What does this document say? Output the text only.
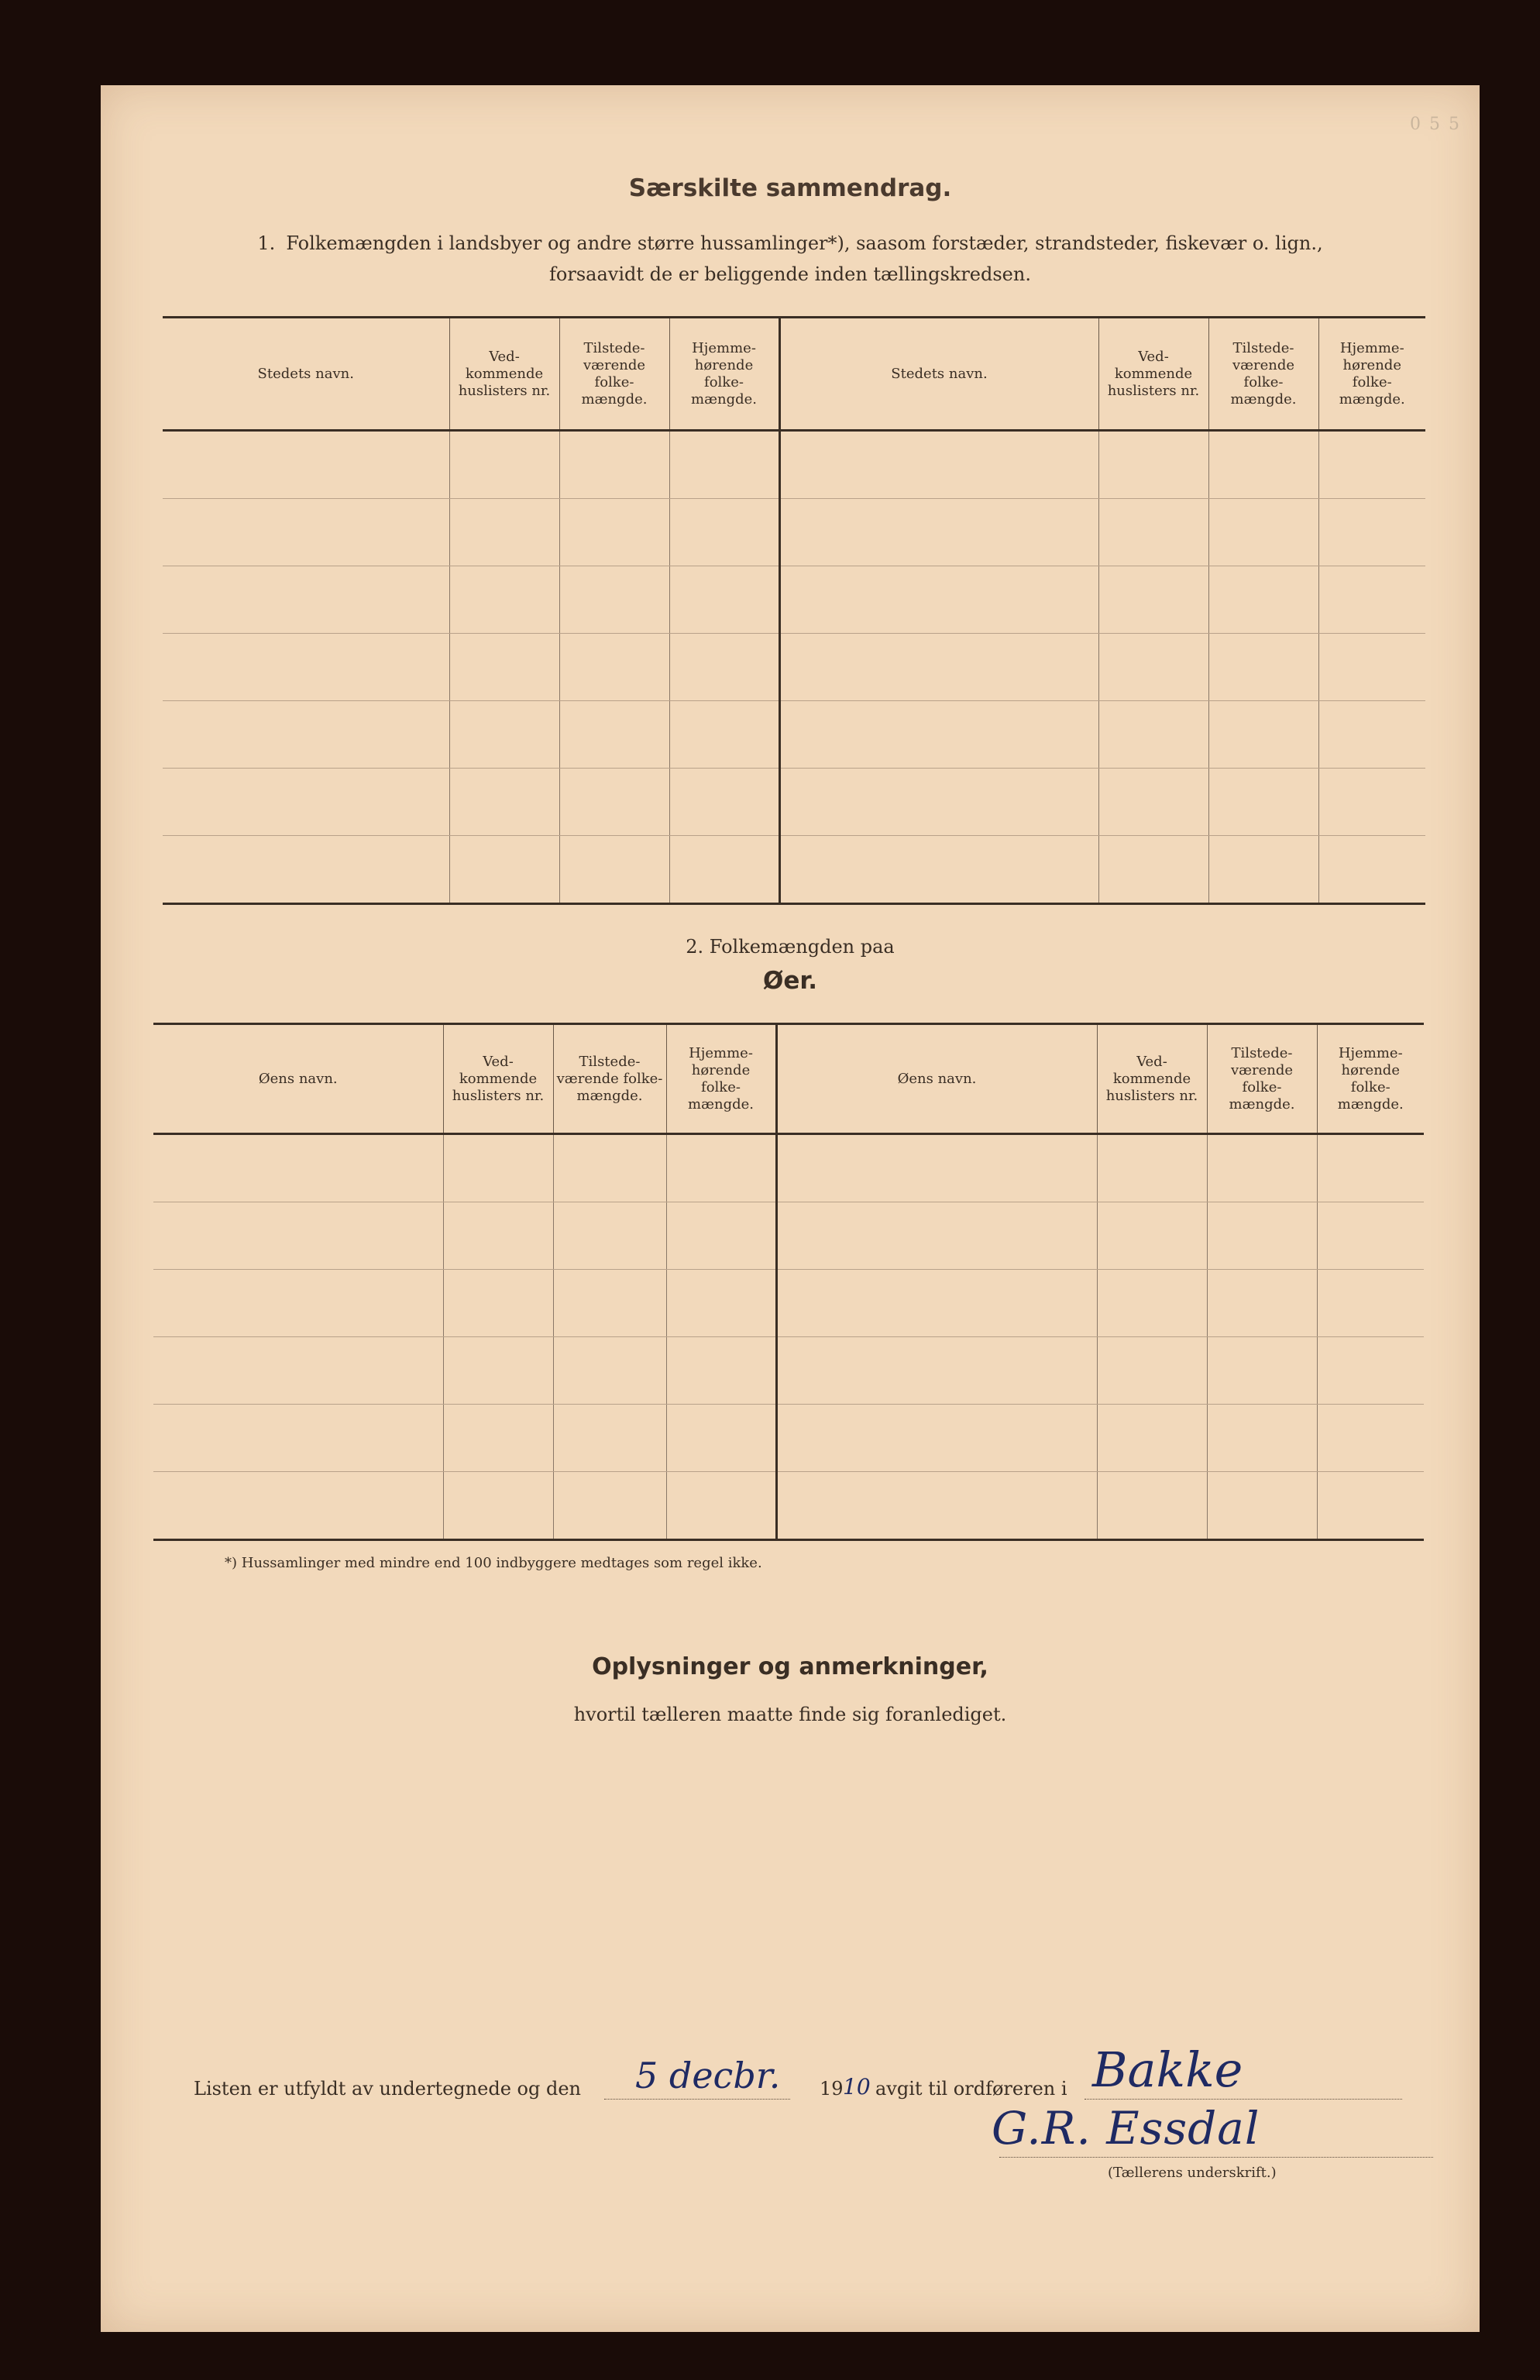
0 5 5
Særskilte sammendrag.
1. Folkemængden i landsbyer og andre større hussamlinger*), saasom forstæder, strandsteder, fiskevær o. lign.,
forsaavidt de er beliggende inden tællingskredsen.
Stedets navn.	Ved-kommende huslisters nr.	Tilstede-værende folke-mængde.	Hjemme-hørende folke-mængde.	Stedets navn.	Ved-kommende huslisters nr.	Tilstede-værende folke-mængde.	Hjemme-hørende folke-mængde.

2. Folkemængden paa
Øer.
Øens navn.	Ved-kommende huslisters nr.	Tilstede-værende folke-mængde.	Hjemme-hørende folke-mængde.	Øens navn.	Ved-kommende huslisters nr.	Tilstede-værende folke-mængde.	Hjemme-hørende folke-mængde.

*) Hussamlinger med mindre end 100 indbyggere medtages som regel ikke.
Oplysninger og anmerkninger,
hvortil tælleren maatte finde sig foranlediget.
Listen er utfyldt av undertegnede og den 5 decbr. 19 10 avgit til ordføreren i Bakke
G.R. Essdal
(Tællerens underskrift.)
